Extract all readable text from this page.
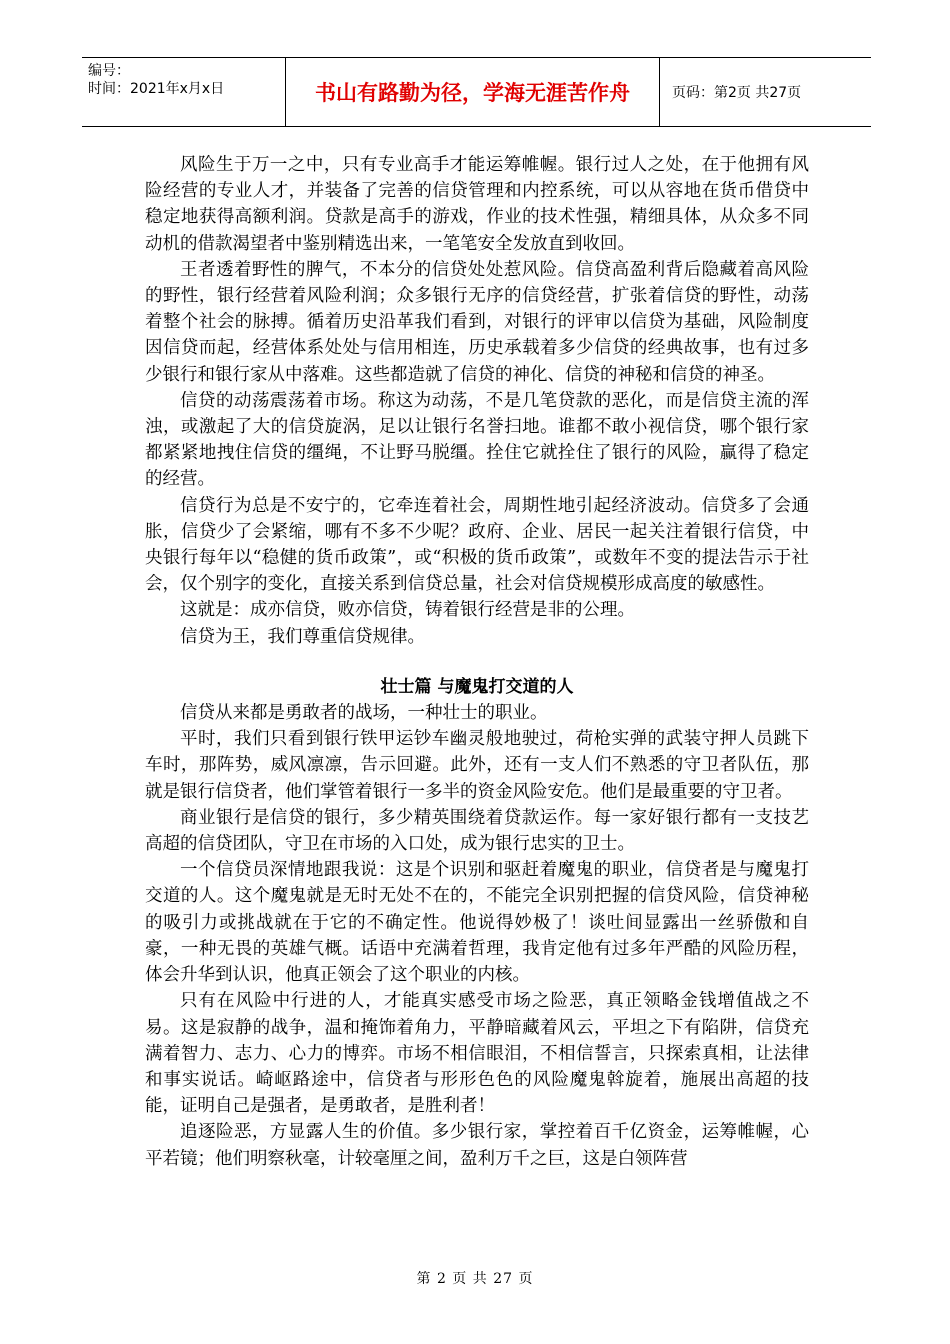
编号：
时间：2021年x月x日	书山有路勤为径，学海无涯苦作舟	页码：第2页 共27页

风险生于万一之中，只有专业高手才能运筹帷幄。银行过人之处，在于他拥有风险经营的专业人才，并装备了完善的信贷管理和内控系统，可以从容地在货币借贷中稳定地获得高额利润。贷款是高手的游戏，作业的技术性强，精细具体，从众多不同动机的借款渴望者中鉴别精选出来，一笔笔安全发放直到收回。

王者透着野性的脾气，不本分的信贷处处惹风险。信贷高盈利背后隐藏着高风险的野性，银行经营着风险利润；众多银行无序的信贷经营，扩张着信贷的野性，动荡着整个社会的脉搏。循着历史沿革我们看到，对银行的评审以信贷为基础，风险制度因信贷而起，经营体系处处与信用相连，历史承载着多少信贷的经典故事，也有过多少银行和银行家从中落难。这些都造就了信贷的神化、信贷的神秘和信贷的神圣。

信贷的动荡震荡着市场。称这为动荡，不是几笔贷款的恶化，而是信贷主流的浑浊，或激起了大的信贷旋涡，足以让银行名誉扫地。谁都不敢小视信贷，哪个银行家都紧紧地拽住信贷的缰绳，不让野马脱缰。拴住它就拴住了银行的风险，赢得了稳定的经营。

信贷行为总是不安宁的，它牵连着社会，周期性地引起经济波动。信贷多了会通胀，信贷少了会紧缩，哪有不多不少呢？政府、企业、居民一起关注着银行信贷，中央银行每年以“稳健的货币政策”，或“积极的货币政策”，或数年不变的提法告示于社会，仅个别字的变化，直接关系到信贷总量，社会对信贷规模形成高度的敏感性。

这就是：成亦信贷，败亦信贷，铸着银行经营是非的公理。

信贷为王，我们尊重信贷规律。

壮士篇 与魔鬼打交道的人

信贷从来都是勇敢者的战场，一种壮士的职业。

平时，我们只看到银行铁甲运钞车幽灵般地驶过，荷枪实弹的武装守押人员跳下车时，那阵势，威风凛凛，告示回避。此外，还有一支人们不熟悉的守卫者队伍，那就是银行信贷者，他们掌管着银行一多半的资金风险安危。他们是最重要的守卫者。

商业银行是信贷的银行，多少精英围绕着贷款运作。每一家好银行都有一支技艺高超的信贷团队，守卫在市场的入口处，成为银行忠实的卫士。

一个信贷员深情地跟我说：这是个识别和驱赶着魔鬼的职业，信贷者是与魔鬼打交道的人。这个魔鬼就是无时无处不在的，不能完全识别把握的信贷风险，信贷神秘的吸引力或挑战就在于它的不确定性。他说得妙极了！谈吐间显露出一丝骄傲和自豪，一种无畏的英雄气概。话语中充满着哲理，我肯定他有过多年严酷的风险历程，体会升华到认识，他真正领会了这个职业的内核。

只有在风险中行进的人，才能真实感受市场之险恶，真正领略金钱增值战之不易。这是寂静的战争，温和掩饰着角力，平静暗藏着风云，平坦之下有陷阱，信贷充满着智力、志力、心力的博弈。市场不相信眼泪，不相信誓言，只探索真相，让法律和事实说话。崎岖路途中，信贷者与形形色色的风险魔鬼斡旋着，施展出高超的技能，证明自己是强者，是勇敢者，是胜利者！

追逐险恶，方显露人生的价值。多少银行家，掌控着百千亿资金，运筹帷幄，心平若镜；他们明察秋毫，计较毫厘之间，盈利万千之巨，这是白领阵营

第 2 页 共 27 页
